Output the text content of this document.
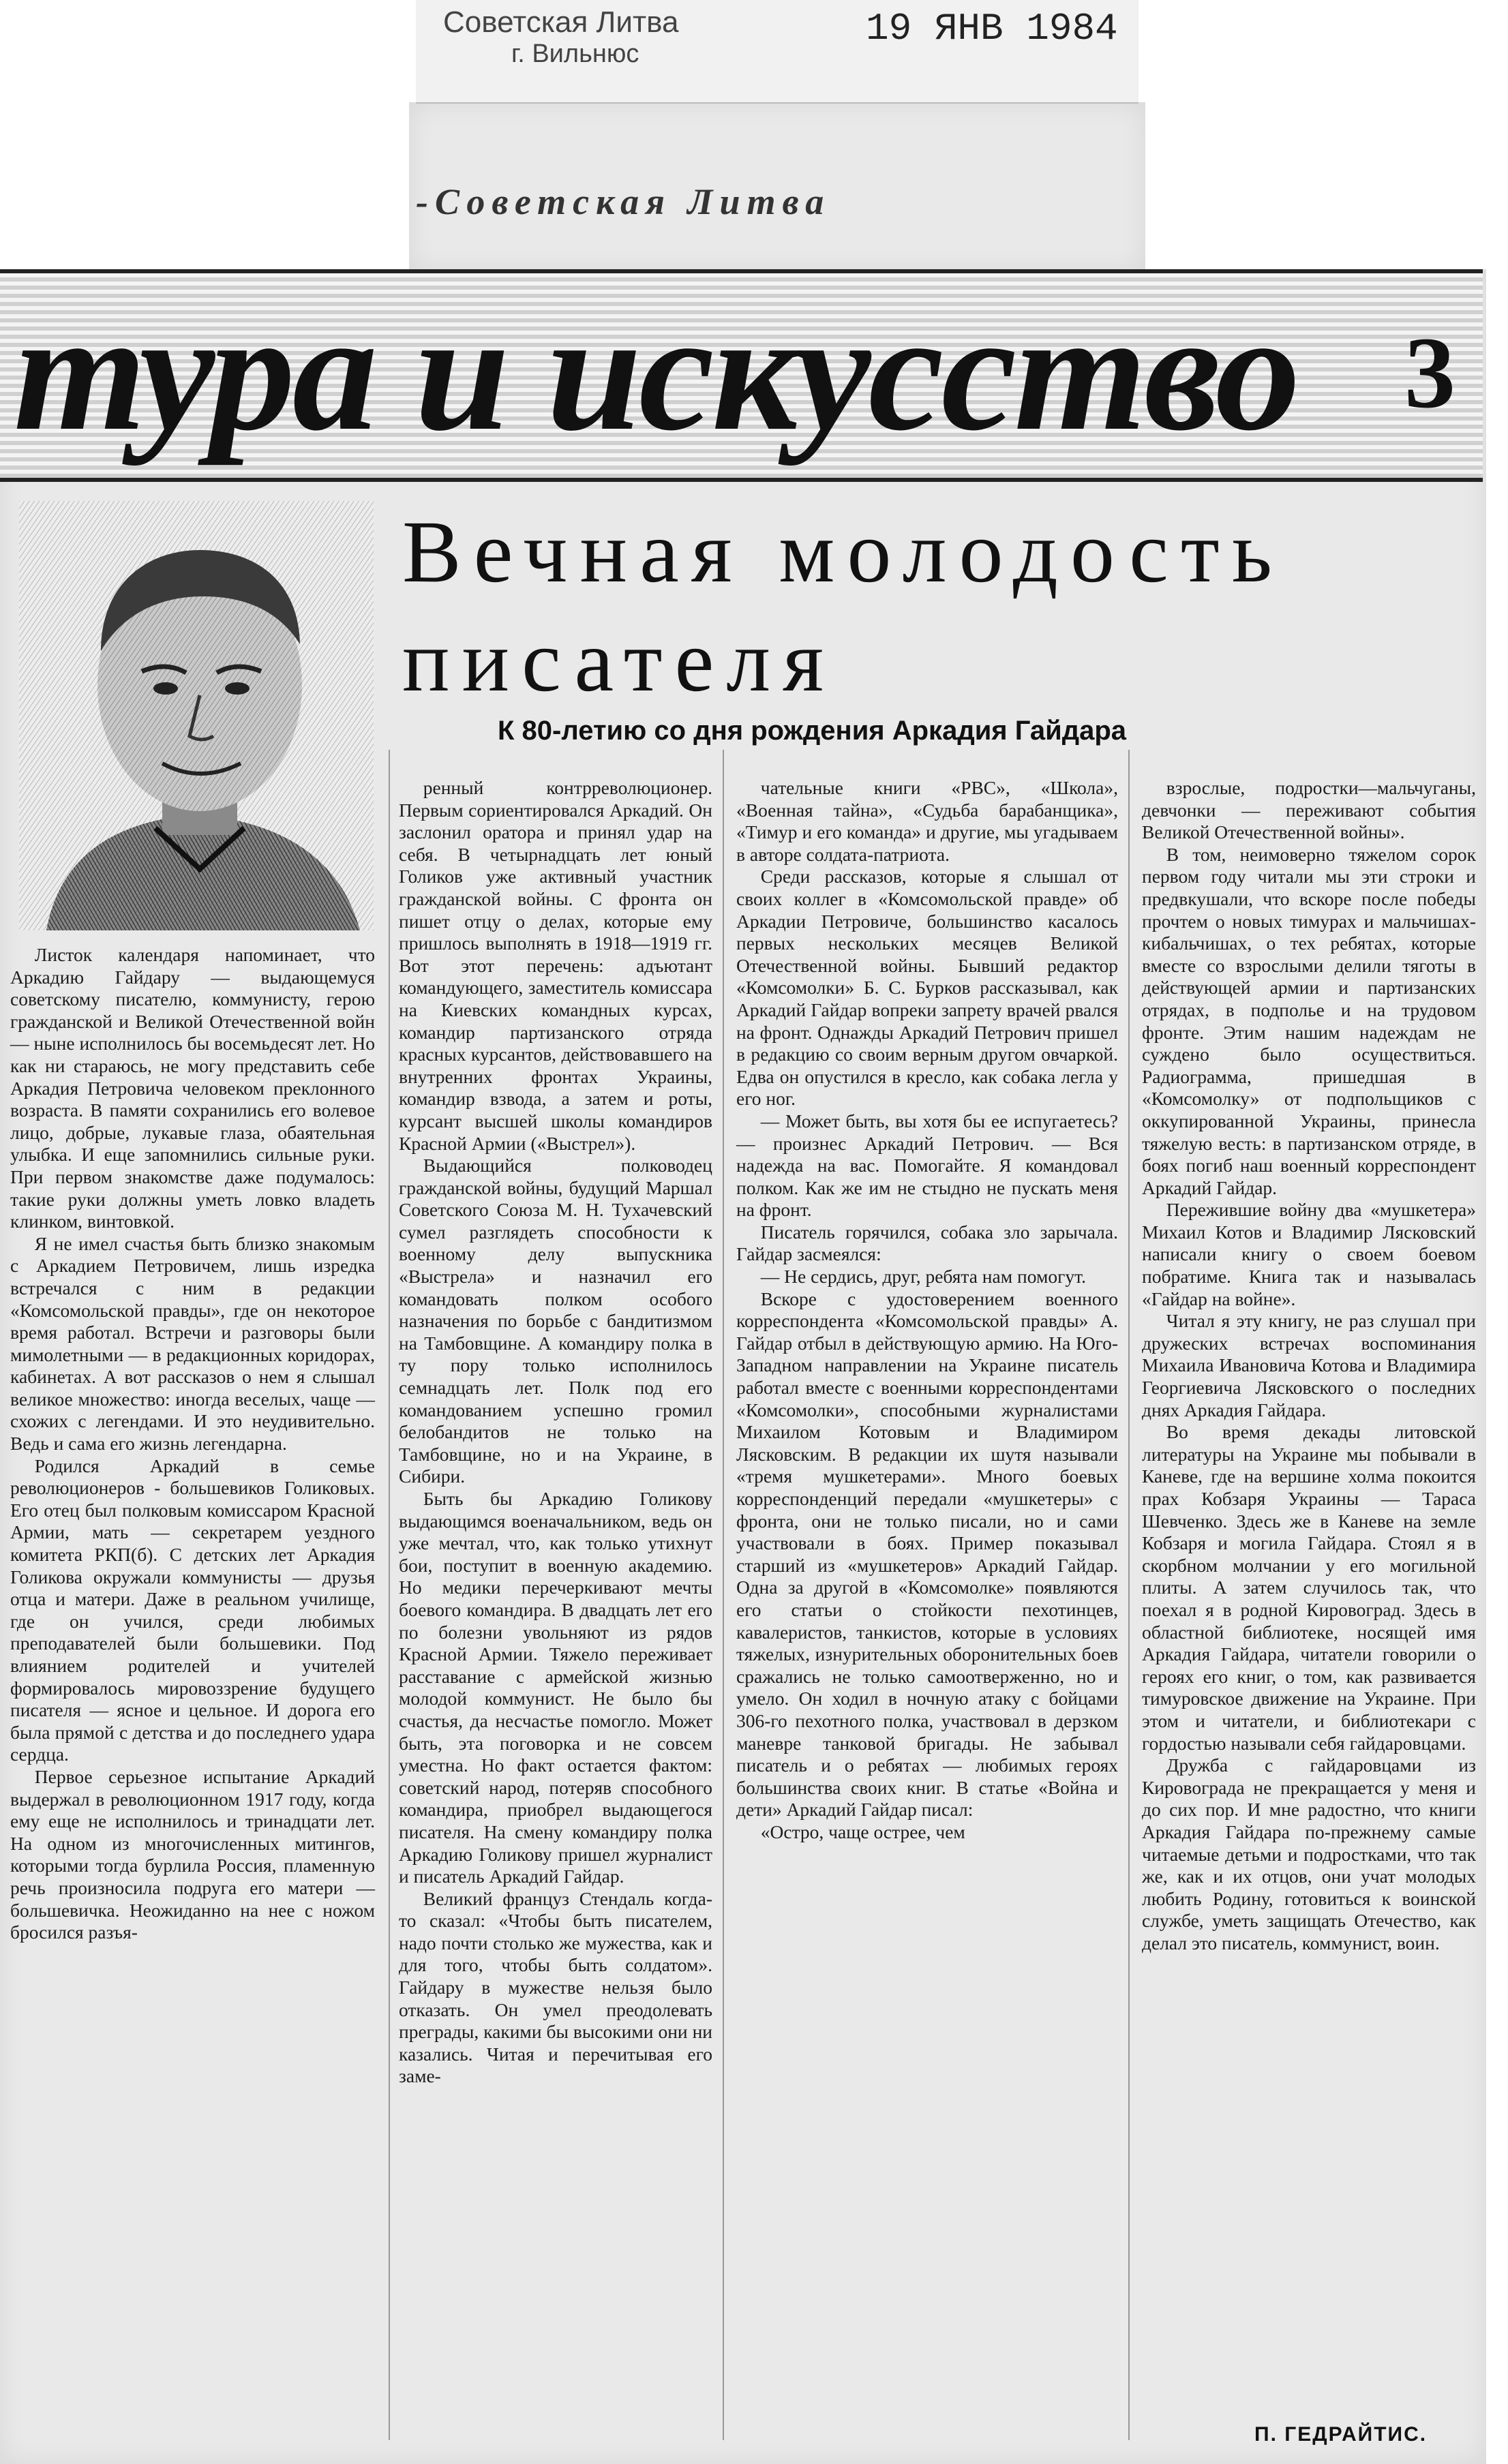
Советская Литва
г. Вильнюс
19 ЯНВ 1984
-Советская Литва
тура и искусство 3
Вечная молодость
писателя
К 80-летию со дня рождения Аркадия Гайдара

Листок календаря напоминает, что Аркадию Гайдару — выдающемуся советскому писателю, коммунисту, герою гражданской и Великой Отечественной войн — ныне исполнилось бы восемьдесят лет. Но как ни стараюсь, не могу представить себе Аркадия Петровича человеком преклонного возраста. В памяти сохранились его волевое лицо, добрые, лукавые глаза, обаятельная улыбка. И еще запомнились сильные руки. При первом знакомстве даже подумалось: такие руки должны уметь ловко владеть клинком, винтовкой.

Я не имел счастья быть близко знакомым с Аркадием Петровичем, лишь изредка встречался с ним в редакции «Комсомольской правды», где он некоторое время работал. Встречи и разговоры были мимолетными — в редакционных коридорах, кабинетах. А вот рассказов о нем я слышал великое множество: иногда веселых, чаще — схожих с легендами. И это неудивительно. Ведь и сама его жизнь легендарна.

Родился Аркадий в семье революционеров - большевиков Голиковых. Его отец был полковым комиссаром Красной Армии, мать — секретарем уездного комитета РКП(б). С детских лет Аркадия Голикова окружали коммунисты — друзья отца и матери. Даже в реальном училище, где он учился, среди любимых преподавателей были большевики. Под влиянием родителей и учителей формировалось мировоззрение будущего писателя — ясное и цельное. И дорога его была прямой с детства и до последнего удара сердца.

Первое серьезное испытание Аркадий выдержал в революционном 1917 году, когда ему еще не исполнилось и тринадцати лет. На одном из многочисленных митингов, которыми тогда бурлила Россия, пламенную речь произносила подруга его матери — большевичка. Неожиданно на нее с ножом бросился разъя-

ренный контрреволюционер. Первым сориентировался Аркадий. Он заслонил оратора и принял удар на себя. В четырнадцать лет юный Голиков уже активный участник гражданской войны. С фронта он пишет отцу о делах, которые ему пришлось выполнять в 1918—1919 гг. Вот этот перечень: адъютант командующего, заместитель комиссара на Киевских командных курсах, командир партизанского отряда красных курсантов, действовавшего на внутренних фронтах Украины, командир взвода, а затем и роты, курсант высшей школы командиров Красной Армии («Выстрел»).

Выдающийся полководец гражданской войны, будущий Маршал Советского Союза М. Н. Тухачевский сумел разглядеть способности к военному делу выпускника «Выстрела» и назначил его командовать полком особого назначения по борьбе с бандитизмом на Тамбовщине. А командиру полка в ту пору только исполнилось семнадцать лет. Полк под его командованием успешно громил белобандитов не только на Тамбовщине, но и на Украине, в Сибири.

Быть бы Аркадию Голикову выдающимся военачальником, ведь он уже мечтал, что, как только утихнут бои, поступит в военную академию. Но медики перечеркивают мечты боевого командира. В двадцать лет его по болезни увольняют из рядов Красной Армии. Тяжело переживает расставание с армейской жизнью молодой коммунист. Не было бы счастья, да несчастье помогло. Может быть, эта поговорка и не совсем уместна. Но факт остается фактом: советский народ, потеряв способного командира, приобрел выдающегося писателя. На смену командиру полка Аркадию Голикову пришел журналист и писатель Аркадий Гайдар.

Великий француз Стендаль когда-то сказал: «Чтобы быть писателем, надо почти столько же мужества, как и для того, чтобы быть солдатом». Гайдару в мужестве нельзя было отказать. Он умел преодолевать преграды, какими бы высокими они ни казались. Читая и перечитывая его заме-

чательные книги «РВС», «Школа», «Военная тайна», «Судьба барабанщика», «Тимур и его команда» и другие, мы угадываем в авторе солдата-патриота.

Среди рассказов, которые я слышал от своих коллег в «Комсомольской правде» об Аркадии Петровиче, большинство касалось первых нескольких месяцев Великой Отечественной войны. Бывший редактор «Комсомолки» Б. С. Бурков рассказывал, как Аркадий Гайдар вопреки запрету врачей рвался на фронт. Однажды Аркадий Петрович пришел в редакцию со своим верным другом овчаркой. Едва он опустился в кресло, как собака легла у его ног.

— Может быть, вы хотя бы ее испугаетесь? — произнес Аркадий Петрович. — Вся надежда на вас. Помогайте. Я командовал полком. Как же им не стыдно не пускать меня на фронт.

Писатель горячился, собака зло зарычала. Гайдар засмеялся:

— Не сердись, друг, ребята нам помогут.

Вскоре с удостоверением военного корреспондента «Комсомольской правды» А. Гайдар отбыл в действующую армию. На Юго-Западном направлении на Украине писатель работал вместе с военными корреспондентами «Комсомолки», способными журналистами Михаилом Котовым и Владимиром Лясковским. В редакции их шутя называли «тремя мушкетерами». Много боевых корреспонденций передали «мушкетеры» с фронта, они не только писали, но и сами участвовали в боях. Пример показывал старший из «мушкетеров» Аркадий Гайдар. Одна за другой в «Комсомолке» появляются его статьи о стойкости пехотинцев, кавалеристов, танкистов, которые в условиях тяжелых, изнурительных оборонительных боев сражались не только самоотверженно, но и умело. Он ходил в ночную атаку с бойцами 306-го пехотного полка, участвовал в дерзком маневре танковой бригады. Не забывал писатель и о ребятах — любимых героях большинства своих книг. В статье «Война и дети» Аркадий Гайдар писал:

«Остро, чаще острее, чем

взрослые, подростки—мальчуганы, девчонки — переживают события Великой Отечественной войны».

В том, неимоверно тяжелом сорок первом году читали мы эти строки и предвкушали, что вскоре после победы прочтем о новых тимурах и мальчишах-кибальчишах, о тех ребятах, которые вместе со взрослыми делили тяготы в действующей армии и партизанских отрядах, в подполье и на трудовом фронте. Этим нашим надеждам не суждено было осуществиться. Радиограмма, пришедшая в «Комсомолку» от подпольщиков с оккупированной Украины, принесла тяжелую весть: в партизанском отряде, в боях погиб наш военный корреспондент Аркадий Гайдар.

Пережившие войну два «мушкетера» Михаил Котов и Владимир Лясковский написали книгу о своем боевом побратиме. Книга так и называлась «Гайдар на войне».

Читал я эту книгу, не раз слушал при дружеских встречах воспоминания Михаила Ивановича Котова и Владимира Георгиевича Лясковского о последних днях Аркадия Гайдара.

Во время декады литовской литературы на Украине мы побывали в Каневе, где на вершине холма покоится прах Кобзаря Украины — Тараса Шевченко. Здесь же в Каневе на земле Кобзаря и могила Гайдара. Стоял я в скорбном молчании у его могильной плиты. А затем случилось так, что поехал я в родной Кировоград. Здесь в областной библиотеке, носящей имя Аркадия Гайдара, читатели говорили о героях его книг, о том, как развивается тимуровское движение на Украине. При этом и читатели, и библиотекари с гордостью называли себя гайдаровцами.

Дружба с гайдаровцами из Кировограда не прекращается у меня и до сих пор. И мне радостно, что книги Аркадия Гайдара по-прежнему самые читаемые детьми и подростками, что так же, как и их отцов, они учат молодых любить Родину, готовиться к воинской службе, уметь защищать Отечество, как делал это писатель, коммунист, воин.

П. ГЕДРАЙТИС.
